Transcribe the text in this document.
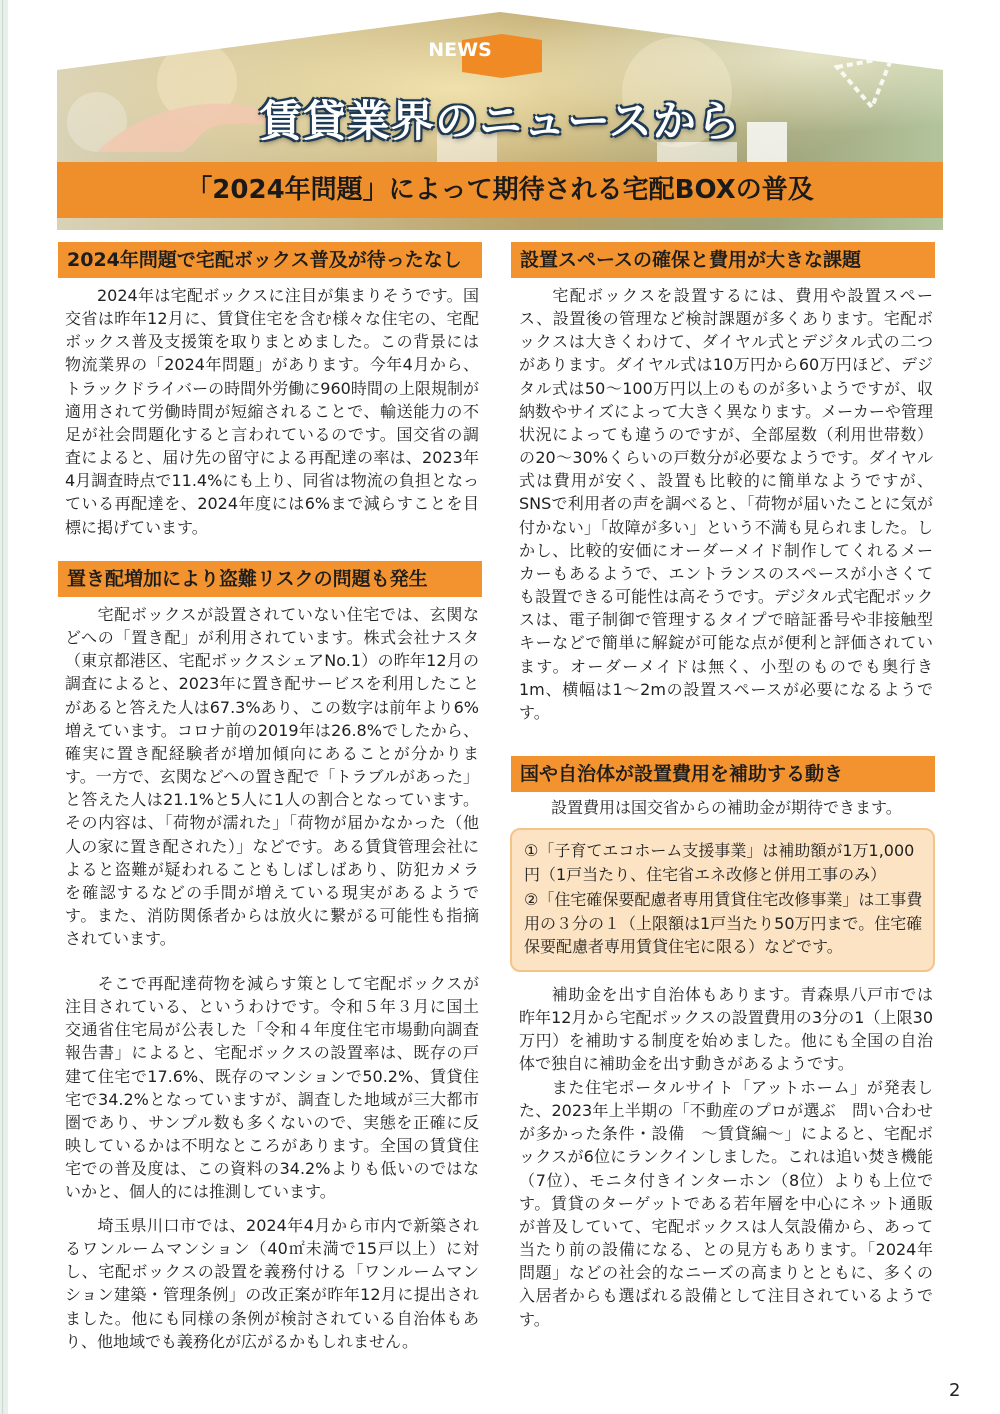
NEWS
賃貸業界のニュースから
「2024年問題」によって期待される宅配BOXの普及
2024年問題で宅配ボックス普及が待ったなし

2024年は宅配ボックスに注目が集まりそうです。国交省は昨年12月に、賃貸住宅を含む様々な住宅の、宅配ボックス普及支援策を取りまとめました。この背景には物流業界の「2024年問題」があります。今年4月から、トラックドライバーの時間外労働に960時間の上限規制が適用されて労働時間が短縮されることで、輸送能力の不足が社会問題化すると言われているのです。国交省の調査によると、届け先の留守による再配達の率は、2023年4月調査時点で11.4%にも上り、同省は物流の負担となっている再配達を、2024年度には6%まで減らすことを目標に掲げています。

置き配増加により盗難リスクの問題も発生

宅配ボックスが設置されていない住宅では、玄関などへの「置き配」が利用されています。株式会社ナスタ（東京都港区、宅配ボックスシェアNo.1）の昨年12月の調査によると、2023年に置き配サービスを利用したことがあると答えた人は67.3%あり、この数字は前年より6%増えています。コロナ前の2019年は26.8%でしたから、確実に置き配経験者が増加傾向にあることが分かります。一方で、玄関などへの置き配で「トラブルがあった」と答えた人は21.1%と5人に1人の割合となっています。その内容は、「荷物が濡れた」「荷物が届かなかった（他人の家に置き配された）」などです。ある賃貸管理会社によると盗難が疑われることもしばしばあり、防犯カメラを確認するなどの手間が増えている現実があるようです。また、消防関係者からは放火に繋がる可能性も指摘されています。

そこで再配達荷物を減らす策として宅配ボックスが注目されている、というわけです。令和５年３月に国土交通省住宅局が公表した「令和４年度住宅市場動向調査報告書」によると、宅配ボックスの設置率は、既存の戸建て住宅で17.6%、既存のマンションで50.2%、賃貸住宅で34.2%となっていますが、調査した地域が三大都市圏であり、サンプル数も多くないので、実態を正確に反映しているかは不明なところがあります。全国の賃貸住宅での普及度は、この資料の34.2%よりも低いのではないかと、個人的には推測しています。

埼玉県川口市では、2024年4月から市内で新築されるワンルームマンション（40㎡未満で15戸以上）に対し、宅配ボックスの設置を義務付ける「ワンルームマンション建築・管理条例」の改正案が昨年12月に提出されました。他にも同様の条例が検討されている自治体もあり、他地域でも義務化が広がるかもしれません。

設置スペースの確保と費用が大きな課題

宅配ボックスを設置するには、費用や設置スペース、設置後の管理など検討課題が多くあります。宅配ボックスは大きくわけて、ダイヤル式とデジタル式の二つがあります。ダイヤル式は10万円から60万円ほど、デジタル式は50～100万円以上のものが多いようですが、収納数やサイズによって大きく異なります。メーカーや管理状況によっても違うのですが、全部屋数（利用世帯数）の20～30%くらいの戸数分が必要なようです。ダイヤル式は費用が安く、設置も比較的に簡単なようですが、SNSで利用者の声を調べると、「荷物が届いたことに気が付かない」「故障が多い」という不満も見られました。しかし、比較的安価にオーダーメイド制作してくれるメーカーもあるようで、エントランスのスペースが小さくても設置できる可能性は高そうです。デジタル式宅配ボックスは、電子制御で管理するタイプで暗証番号や非接触型キーなどで簡単に解錠が可能な点が便利と評価されています。オーダーメイドは無く、小型のものでも奥行き1m、横幅は1～2mの設置スペースが必要になるようです。

国や自治体が設置費用を補助する動き

設置費用は国交省からの補助金が期待できます。

①「子育てエコホーム支援事業」は補助額が1万1,000円（1戸当たり、住宅省エネ改修と併用工事のみ）

②「住宅確保要配慮者専用賃貸住宅改修事業」は工事費用の３分の１（上限額は1戸当たり50万円まで。住宅確保要配慮者専用賃貸住宅に限る）などです。

補助金を出す自治体もあります。青森県八戸市では昨年12月から宅配ボックスの設置費用の3分の1（上限30万円）を補助する制度を始めました。他にも全国の自治体で独自に補助金を出す動きがあるようです。

また住宅ポータルサイト「アットホーム」が発表した、2023年上半期の「不動産のプロが選ぶ　問い合わせが多かった条件・設備　～賃貸編～」によると、宅配ボックスが6位にランクインしました。これは追い焚き機能（7位）、モニタ付きインターホン（8位）よりも上位です。賃貸のターゲットである若年層を中心にネット通販が普及していて、宅配ボックスは人気設備から、あって当たり前の設備になる、との見方もあります。「2024年問題」などの社会的なニーズの高まりとともに、多くの入居者からも選ばれる設備として注目されているようです。

2
